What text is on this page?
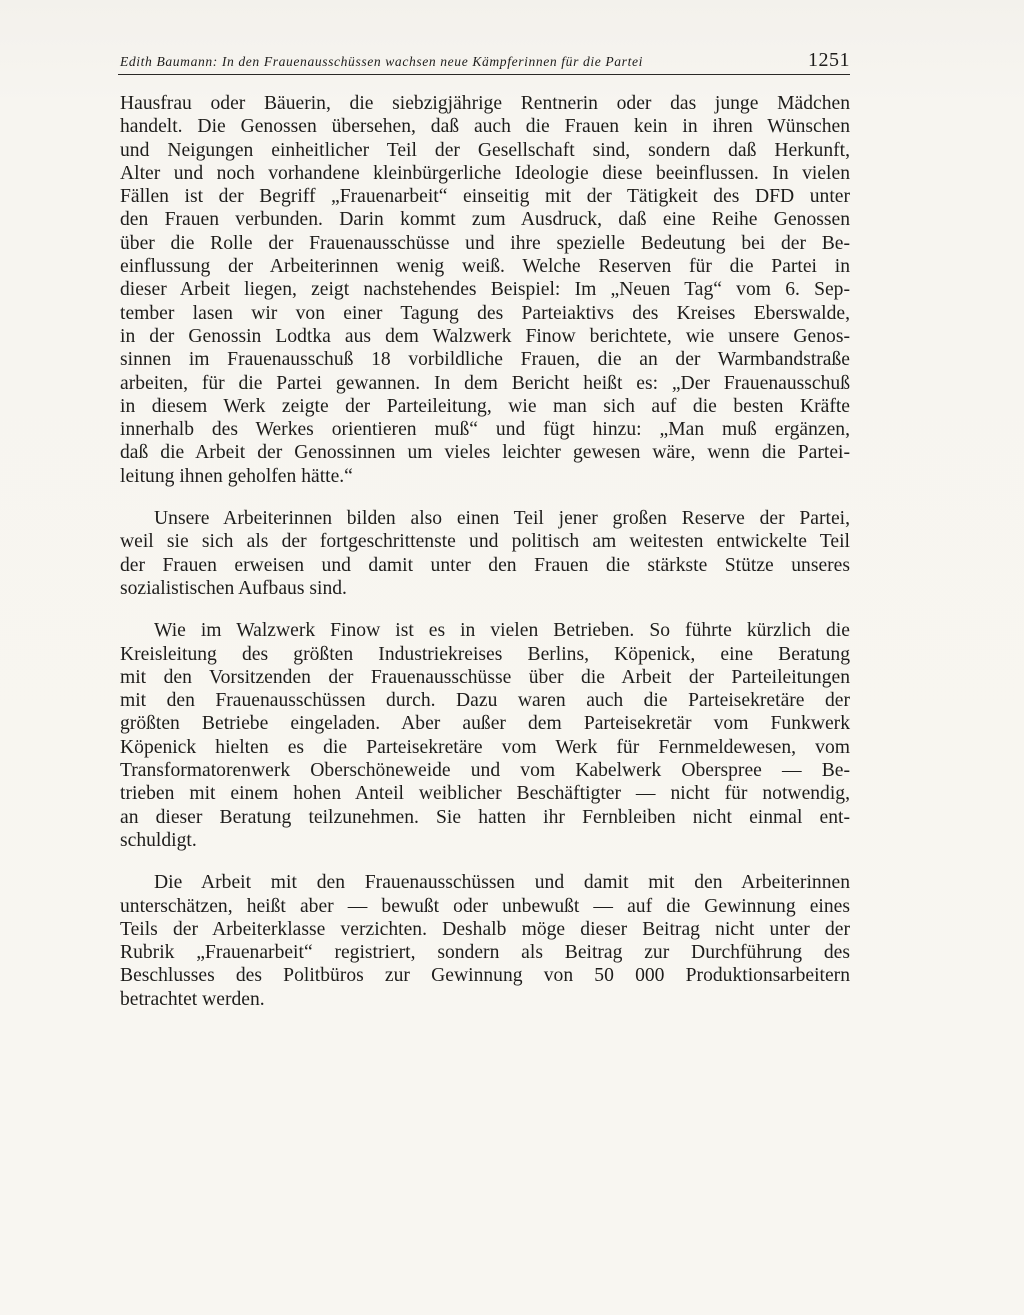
Edith Baumann: In den Frauenausschüssen wachsen neue Kämpferinnen für die Partei	1251

Hausfrau oder Bäuerin, die siebzigjährige Rentnerin oder das junge Mädchen
handelt. Die Genossen übersehen, daß auch die Frauen kein in ihren Wünschen
und Neigungen einheitlicher Teil der Gesellschaft sind, sondern daß Herkunft,
Alter und noch vorhandene kleinbürgerliche Ideologie diese beeinflussen. In vielen
Fällen ist der Begriff „Frauenarbeit“ einseitig mit der Tätigkeit des DFD unter
den Frauen verbunden. Darin kommt zum Ausdruck, daß eine Reihe Genossen
über die Rolle der Frauenausschüsse und ihre spezielle Bedeutung bei der Be-
einflussung der Arbeiterinnen wenig weiß. Welche Reserven für die Partei in
dieser Arbeit liegen, zeigt nachstehendes Beispiel: Im „Neuen Tag“ vom 6. Sep-
tember lasen wir von einer Tagung des Parteiaktivs des Kreises Eberswalde,
in der Genossin Lodtka aus dem Walzwerk Finow berichtete, wie unsere Genos-
sinnen im Frauenausschuß 18 vorbildliche Frauen, die an der Warmbandstraße
arbeiten, für die Partei gewannen. In dem Bericht heißt es: „Der Frauenausschuß
in diesem Werk zeigte der Parteileitung, wie man sich auf die besten Kräfte
innerhalb des Werkes orientieren muß“ und fügt hinzu: „Man muß ergänzen,
daß die Arbeit der Genossinnen um vieles leichter gewesen wäre, wenn die Partei-
leitung ihnen geholfen hätte.“

Unsere Arbeiterinnen bilden also einen Teil jener großen Reserve der Partei,
weil sie sich als der fortgeschrittenste und politisch am weitesten entwickelte Teil
der Frauen erweisen und damit unter den Frauen die stärkste Stütze unseres
sozialistischen Aufbaus sind.

Wie im Walzwerk Finow ist es in vielen Betrieben. So führte kürzlich die
Kreisleitung des größten Industriekreises Berlins, Köpenick, eine Beratung
mit den Vorsitzenden der Frauenausschüsse über die Arbeit der Parteileitungen
mit den Frauenausschüssen durch. Dazu waren auch die Parteisekretäre der
größten Betriebe eingeladen. Aber außer dem Parteisekretär vom Funkwerk
Köpenick hielten es die Parteisekretäre vom Werk für Fernmeldewesen, vom
Transformatorenwerk Oberschöneweide und vom Kabelwerk Oberspree — Be-
trieben mit einem hohen Anteil weiblicher Beschäftigter — nicht für notwendig,
an dieser Beratung teilzunehmen. Sie hatten ihr Fernbleiben nicht einmal ent-
schuldigt.

Die Arbeit mit den Frauenausschüssen und damit mit den Arbeiterinnen
unterschätzen, heißt aber — bewußt oder unbewußt — auf die Gewinnung eines
Teils der Arbeiterklasse verzichten. Deshalb möge dieser Beitrag nicht unter der
Rubrik „Frauenarbeit“ registriert, sondern als Beitrag zur Durchführung des
Beschlusses des Politbüros zur Gewinnung von 50 000 Produktionsarbeitern
betrachtet werden.
